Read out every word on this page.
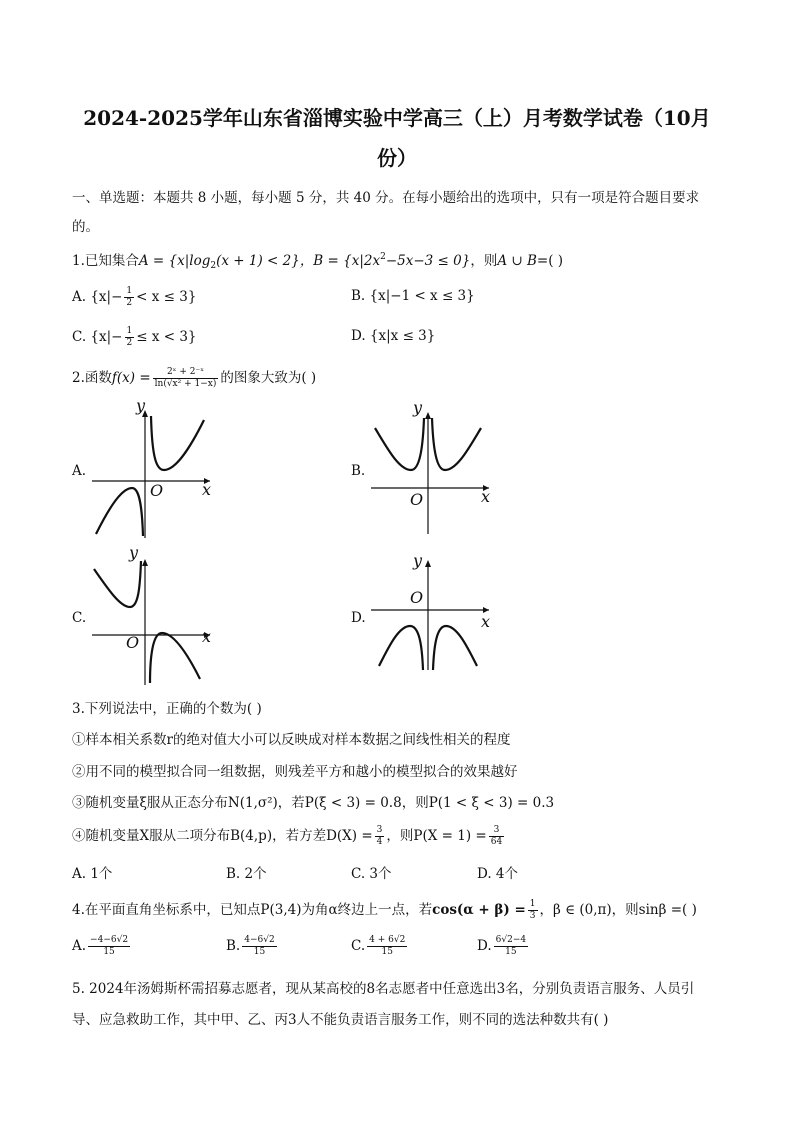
2024-2025学年山东省淄博实验中学高三（上）月考数学试卷（10月
份）
一、单选题：本题共 8 小题，每小题 5 分，共 40 分。在每小题给出的选项中，只有一项是符合题目要求
的。
1.已知集合$A = \{x|\log_2(x + 1) < 2\}$，$B = \{x|2x^2-5x-3 \le 0\}$，则A ∪ B=( )
A. $\{x|- \frac{1}{2} < x \le 3\}$	B. {x|−1 < x ≤ 3}
C. $\{x|- \frac{1}{2} \le x < 3\}$	D. {x|x ≤ 3}
2.函数$f(x) = \frac{\text{2ˣ + 2⁻ˣ}}{\text{ln(√x² + 1−x)}}$ 的图象大致为( )
A.	B.
C.	D.
y
x
O
y
x
O
y
x
O
y
x
O
3.下列说法中，正确的个数为( )
①样本相关系数r的绝对值大小可以反映成对样本数据之间线性相关的程度
②用不同的模型拟合同一组数据，则残差平方和越小的模型拟合的效果越好
③随机变量ξ服从正态分布N(1,σ²)，若P(ξ < 3) = 0.8，则P(1 < ξ < 3) = 0.3
④随机变量X服从二项分布B(4,p)，若方差$D(X) = \frac{3}{4}$ ，则$P(X = 1) = \frac{3}{64}$
A. 1个	B. 2个	C. 3个	D. 4个
4.在平面直角坐标系中，已知点P(3,4)为角α终边上一点，若$\cos(\alpha + \beta) = \frac{1}{3}$ ，β ∈ (0,π)，则sinβ =( )
A. $\frac{-4-6√2}{15}$	B. $\frac{4-6√2}{15}$	C. $\frac{4 + 6√2}{15}$	D. $\frac{6√2-4}{15}$
5. 2024年汤姆斯杯需招募志愿者，现从某高校的8名志愿者中任意选出3名，分别负责语言服务、人员引
导、应急救助工作，其中甲、乙、丙3人不能负责语言服务工作，则不同的选法种数共有( )
